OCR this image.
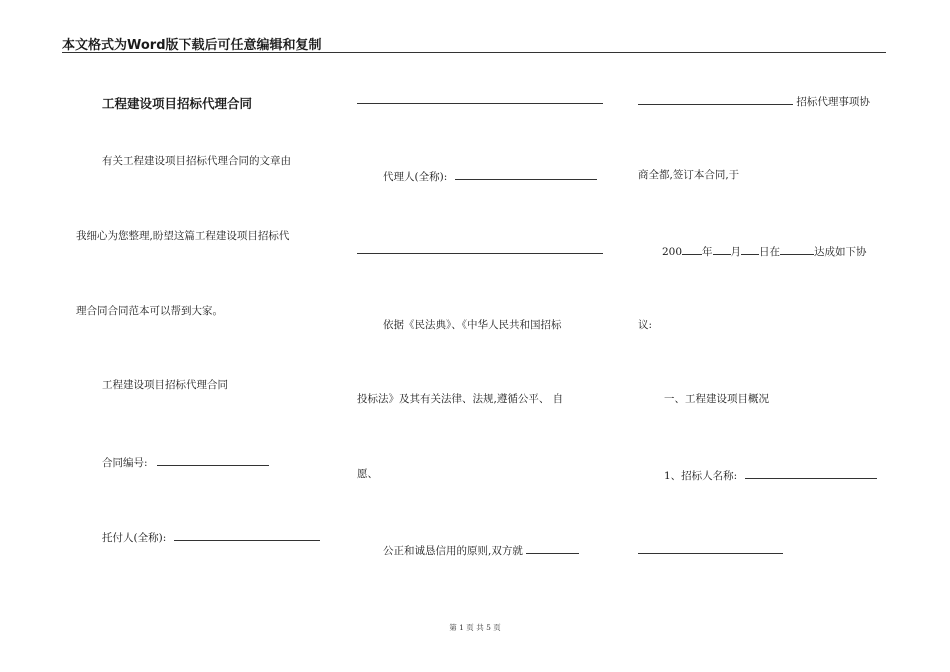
本文格式为Word版下载后可任意编辑和复制
工程建设项目招标代理合同
有关工程建设项目招标代理合同的文章由
我细心为您整理,盼望这篇工程建设项目招标代
理合同合同范本可以帮到大家。
工程建设项目招标代理合同
合同编号:
托付人(全称):
代理人(全称):
依据《民法典》、《中华人民共和国招标
投标法》及其有关法律、法规,遵循公平、 自
愿、
公正和诚恳信用的原则,双方就
招标代理事项协
商全都,签订本合同,于
200 年 月 日在	达成如下协
议:
一、工程建设项目概况
1、招标人名称:
第 1 页 共 5 页
